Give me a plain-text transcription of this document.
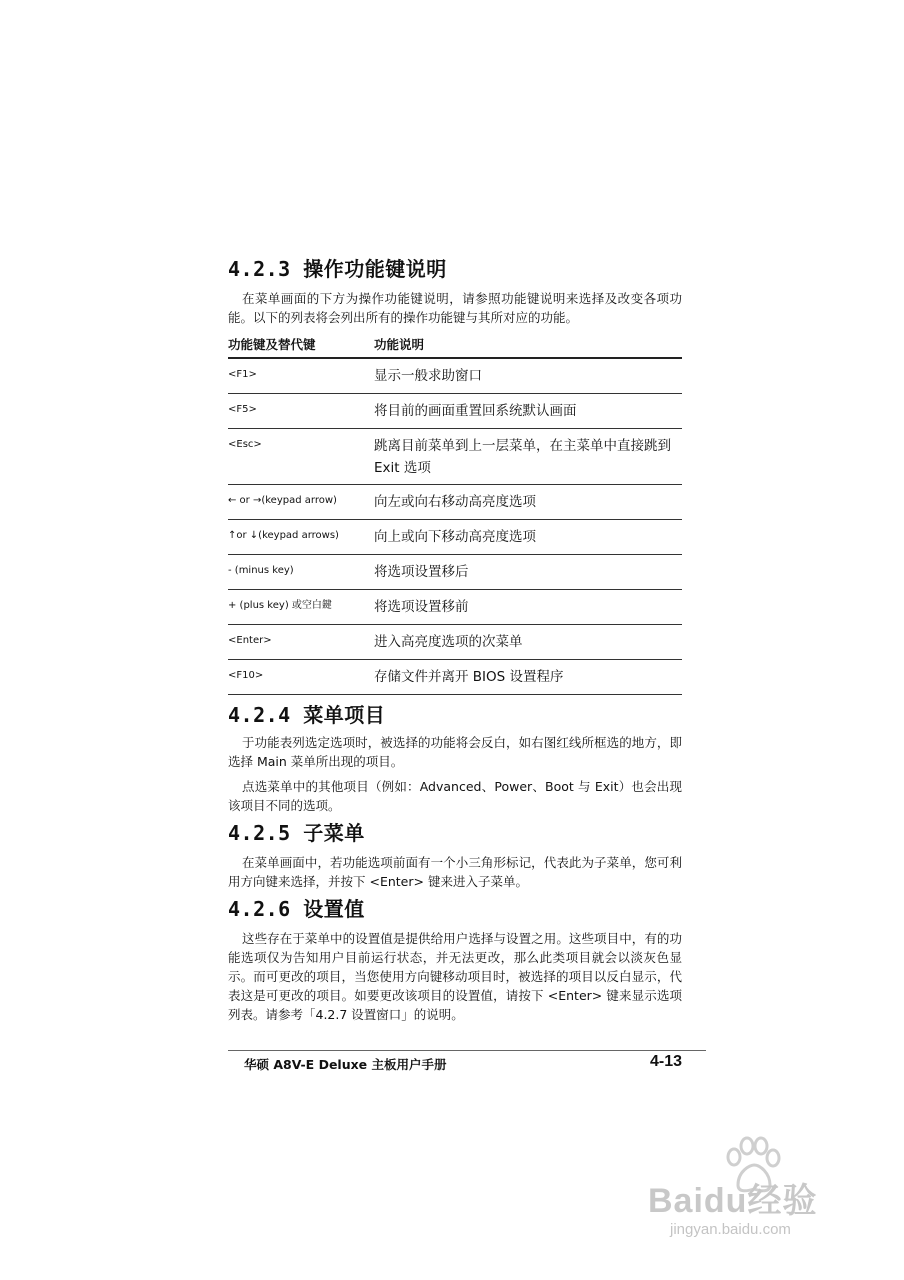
4.2.3 操作功能键说明

在菜单画面的下方为操作功能键说明，请参照功能键说明来选择及改变各项功能。以下的列表将会列出所有的操作功能键与其所对应的功能。

功能键及替代键	功能说明
<F1>	显示一般求助窗口
<F5>	将目前的画面重置回系统默认画面
<Esc>	跳离目前菜单到上一层菜单，在主菜单中直接跳到 Exit 选项
← or →(keypad arrow)	向左或向右移动高亮度选项
↑or ↓(keypad arrows)	向上或向下移动高亮度选项
- (minus key)	将选项设置移后
+ (plus key) 或空白鍵	将选项设置移前
<Enter>	进入高亮度选项的次菜单
<F10>	存储文件并离开 BIOS 设置程序
4.2.4 菜单项目

于功能表列选定选项时，被选择的功能将会反白，如右图红线所框选的地方，即选择 Main 菜单所出现的项目。

点选菜单中的其他项目（例如：Advanced、Power、Boot 与 Exit）也会出现该项目不同的选项。

4.2.5 子菜单

在菜单画面中，若功能选项前面有一个小三角形标记，代表此为子菜单，您可利用方向键来选择，并按下 <Enter> 键来进入子菜单。

4.2.6 设置值

这些存在于菜单中的设置值是提供给用户选择与设置之用。这些项目中，有的功能选项仅为告知用户目前运行状态，并无法更改，那么此类项目就会以淡灰色显示。而可更改的项目，当您使用方向键移动项目时，被选择的项目以反白显示，代表这是可更改的项目。如要更改该项目的设置值，请按下 <Enter> 键来显示选项列表。请参考「4.2.7 设置窗口」的说明。

华硕 A8V-E Deluxe 主板用户手册	4-13
Baidu经验
jingyan.baidu.com
